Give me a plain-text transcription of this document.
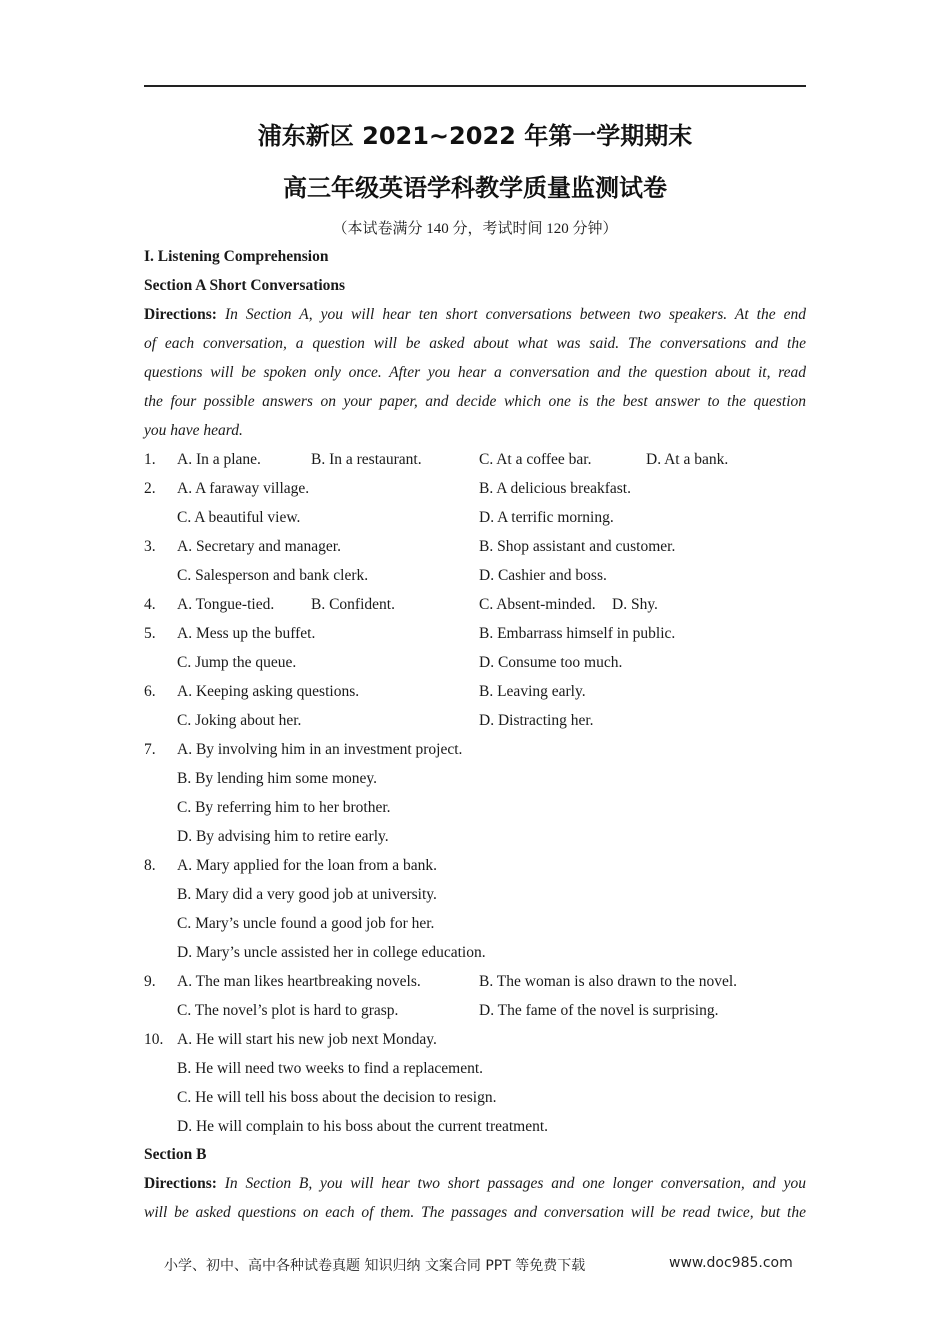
浦东新区 2021~2022 年第一学期期末
高三年级英语学科教学质量监测试卷
（本试卷满分 140 分，考试时间 120 分钟）
I. Listening Comprehension
Section A Short Conversations
Directions: In Section A, you will hear ten short conversations between two speakers. At the end
of each conversation, a question will be asked about what was said. The conversations and the
questions will be spoken only once. After you hear a conversation and the question about it, read
the four possible answers on your paper, and decide which one is the best answer to the question
you have heard.
1. A. In a plane.	B. In a restaurant.	C. At a coffee bar.	D. At a bank.
2. A. A faraway village.	B. A delicious breakfast.
C. A beautiful view.	D. A terrific morning.
3. A. Secretary and manager.	B. Shop assistant and customer.
C. Salesperson and bank clerk.	D. Cashier and boss.
4. A. Tongue-tied. B. Confident.	C. Absent-minded. D. Shy.
5. A. Mess up the buffet.	B. Embarrass himself in public.
C. Jump the queue.	D. Consume too much.
6. A. Keeping asking questions.	B. Leaving early.
C. Joking about her.	D. Distracting her.
7. A. By involving him in an investment project.
B. By lending him some money.
C. By referring him to her brother.
D. By advising him to retire early.
8. A. Mary applied for the loan from a bank.
B. Mary did a very good job at university.
C. Mary’s uncle found a good job for her.
D. Mary’s uncle assisted her in college education.
9. A. The man likes heartbreaking novels.	B. The woman is also drawn to the novel.
C. The novel’s plot is hard to grasp.	D. The fame of the novel is surprising.
10. A. He will start his new job next Monday.
B. He will need two weeks to find a replacement.
C. He will tell his boss about the decision to resign.
D. He will complain to his boss about the current treatment.
Section B
Directions: In Section B, you will hear two short passages and one longer conversation, and you
will be asked questions on each of them. The passages and conversation will be read twice, but the
小学、初中、高中各种试卷真题 知识归纳 文案合同 PPT 等免费下载	www.doc985.com
